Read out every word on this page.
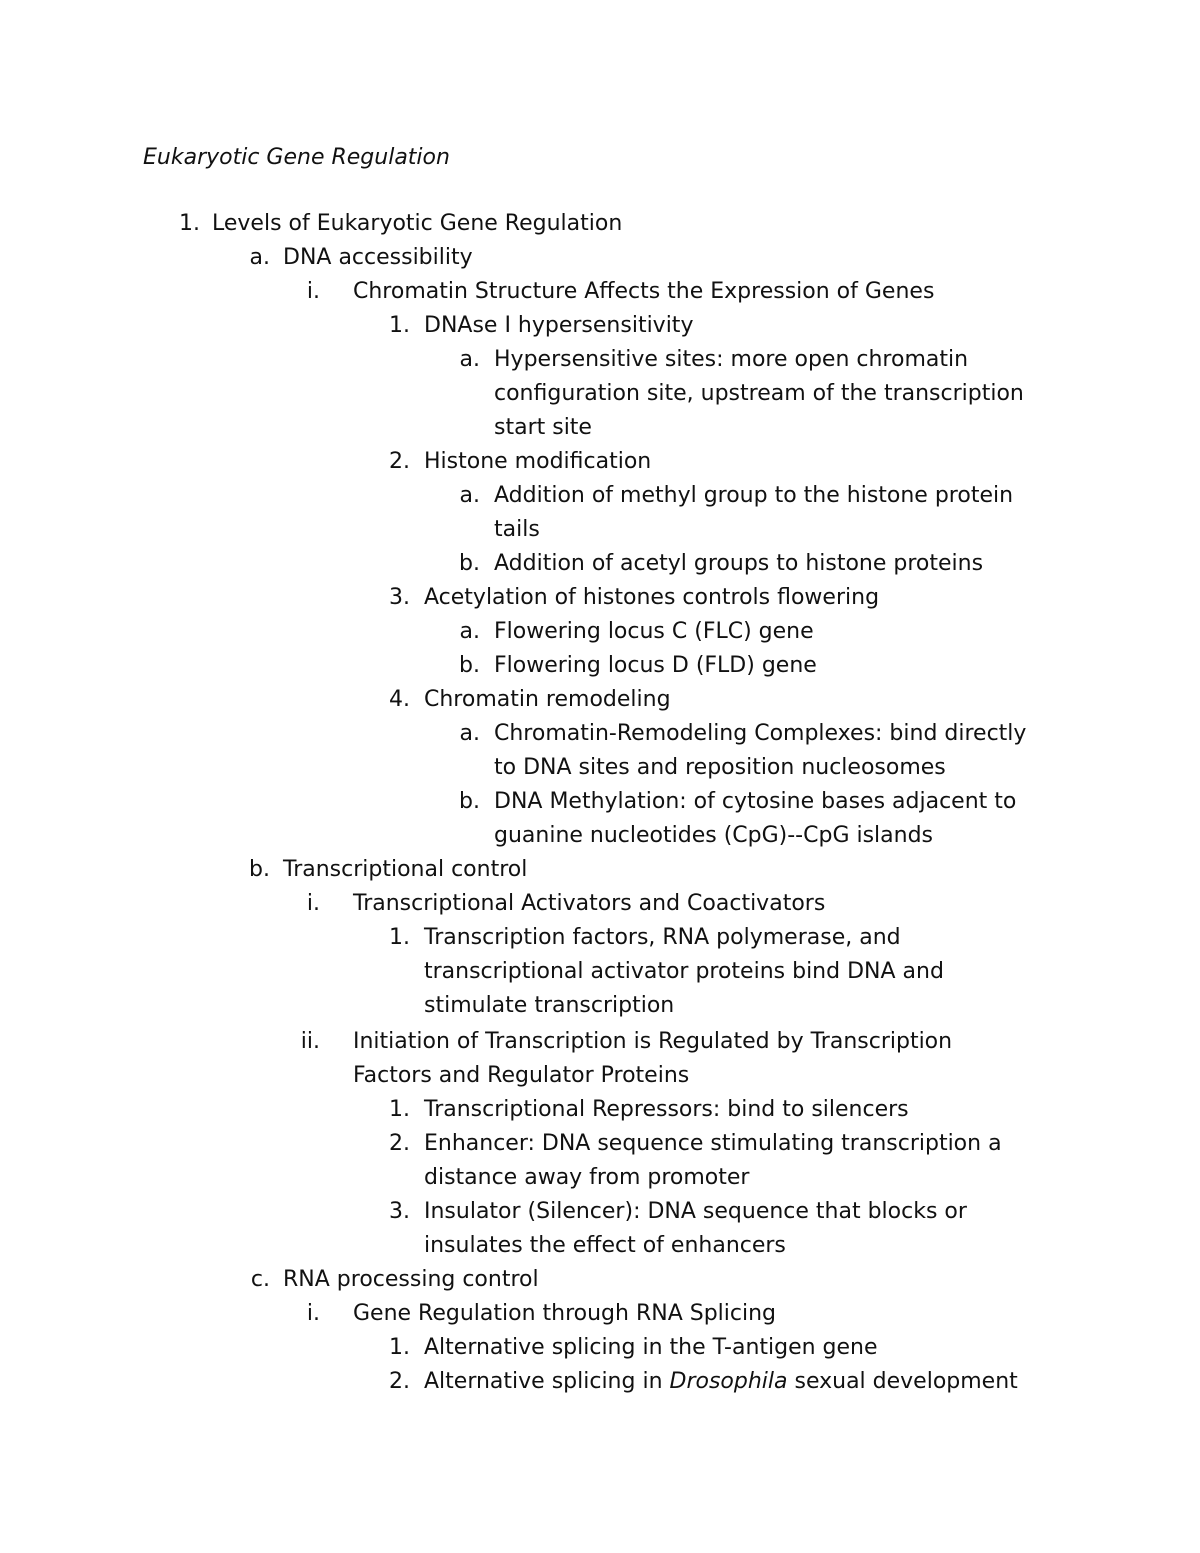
Eukaryotic Gene Regulation
1. Levels of Eukaryotic Gene Regulation
a. DNA accessibility
i. Chromatin Structure Affects the Expression of Genes
1. DNAse I hypersensitivity
a. Hypersensitive sites: more open chromatin
configuration site, upstream of the transcription
start site
2. Histone modification
a. Addition of methyl group to the histone protein
tails
b. Addition of acetyl groups to histone proteins
3. Acetylation of histones controls flowering
a. Flowering locus C (FLC) gene
b. Flowering locus D (FLD) gene
4. Chromatin remodeling
a. Chromatin-Remodeling Complexes: bind directly
to DNA sites and reposition nucleosomes
b. DNA Methylation: of cytosine bases adjacent to
guanine nucleotides (CpG)--CpG islands
b. Transcriptional control
i. Transcriptional Activators and Coactivators
1. Transcription factors, RNA polymerase, and
transcriptional activator proteins bind DNA and
stimulate transcription
ii. Initiation of Transcription is Regulated by Transcription
Factors and Regulator Proteins
1. Transcriptional Repressors: bind to silencers
2. Enhancer: DNA sequence stimulating transcription a
distance away from promoter
3. Insulator (Silencer): DNA sequence that blocks or
insulates the effect of enhancers
c. RNA processing control
i. Gene Regulation through RNA Splicing
1. Alternative splicing in the T-antigen gene
2. Alternative splicing in Drosophila sexual development
